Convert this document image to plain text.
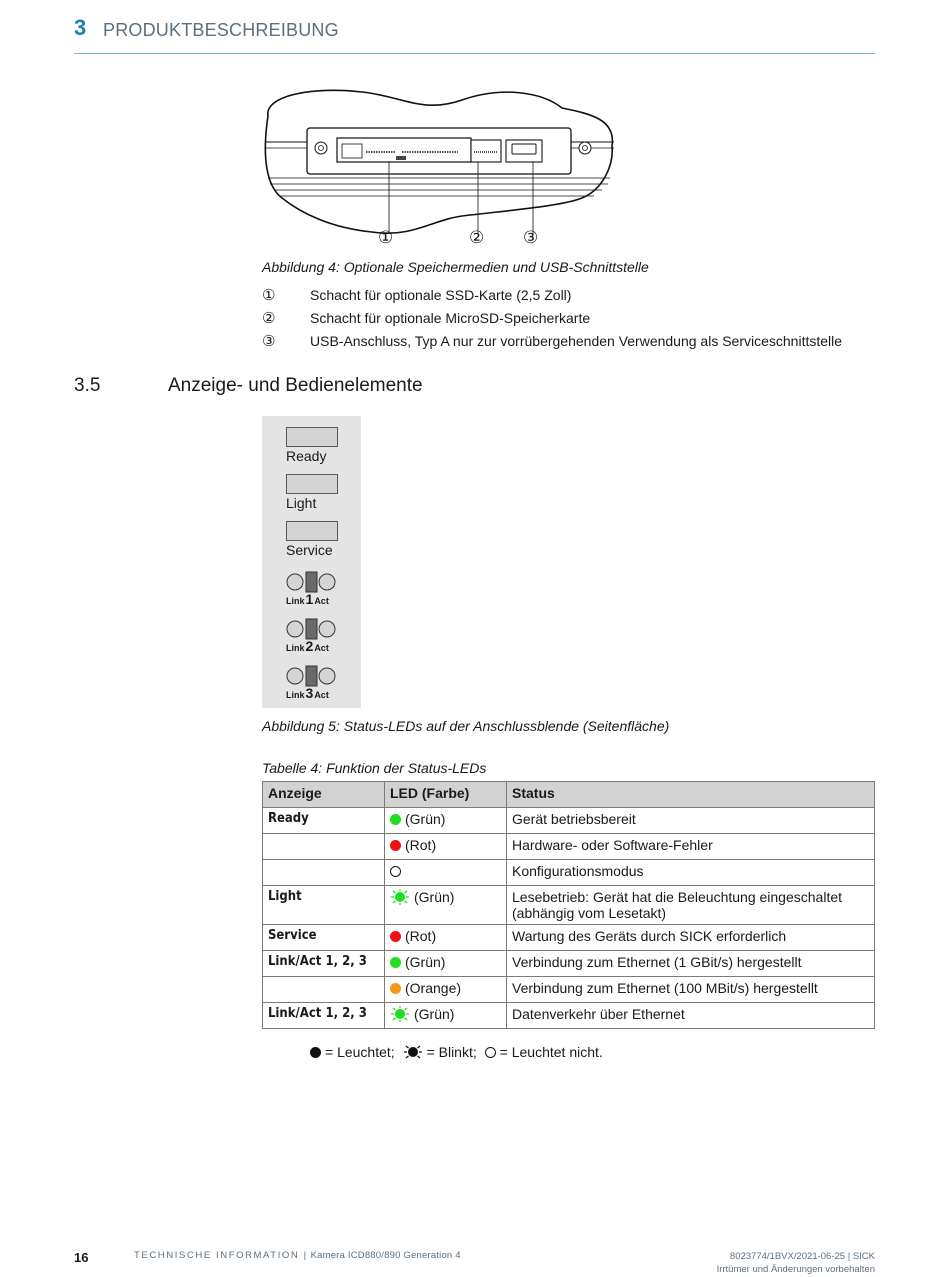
3 PRODUKTBESCHREIBUNG
①	② ③
Abbildung 4: Optionale Speichermedien und USB-Schnittstelle
① Schacht für optionale SSD-Karte (2,5 Zoll)
② Schacht für optionale MicroSD-Speicherkarte
③ USB-Anschluss, Typ A nur zur vorrübergehenden Verwendung als Serviceschnittstelle
3.5	Anzeige- und Bedienelemente
Ready
Light
Service
Link1Act
Link2Act
Link3Act
Abbildung 5: Status-LEDs auf der Anschlussblende (Seitenfläche)
Tabelle 4: Funktion der Status-LEDs
Anzeige	LED (Farbe)	Status
Ready	(Grün)	Gerät betriebsbereit
	(Rot)	Hardware- oder Software-Fehler
		Konfigurationsmodus
Light	(Grün)	Lesebetrieb: Gerät hat die Beleuchtung eingeschaltet (abhängig vom Lesetakt)
Service	(Rot)	Wartung des Geräts durch SICK erforderlich
Link/Act 1, 2, 3	(Grün)	Verbindung zum Ethernet (1 GBit/s) hergestellt
	(Orange)	Verbindung zum Ethernet (100 MBit/s) hergestellt
Link/Act 1, 2, 3	(Grün)	Datenverkehr über Ethernet
= Leuchtet; = Blinkt; = Leuchtet nicht.
16	TECHNISCHE INFORMATION | Kamera ICD880/890 Generation 4	8023774/1BVX/2021-06-25 | SICK
Irrtümer und Änderungen vorbehalten
